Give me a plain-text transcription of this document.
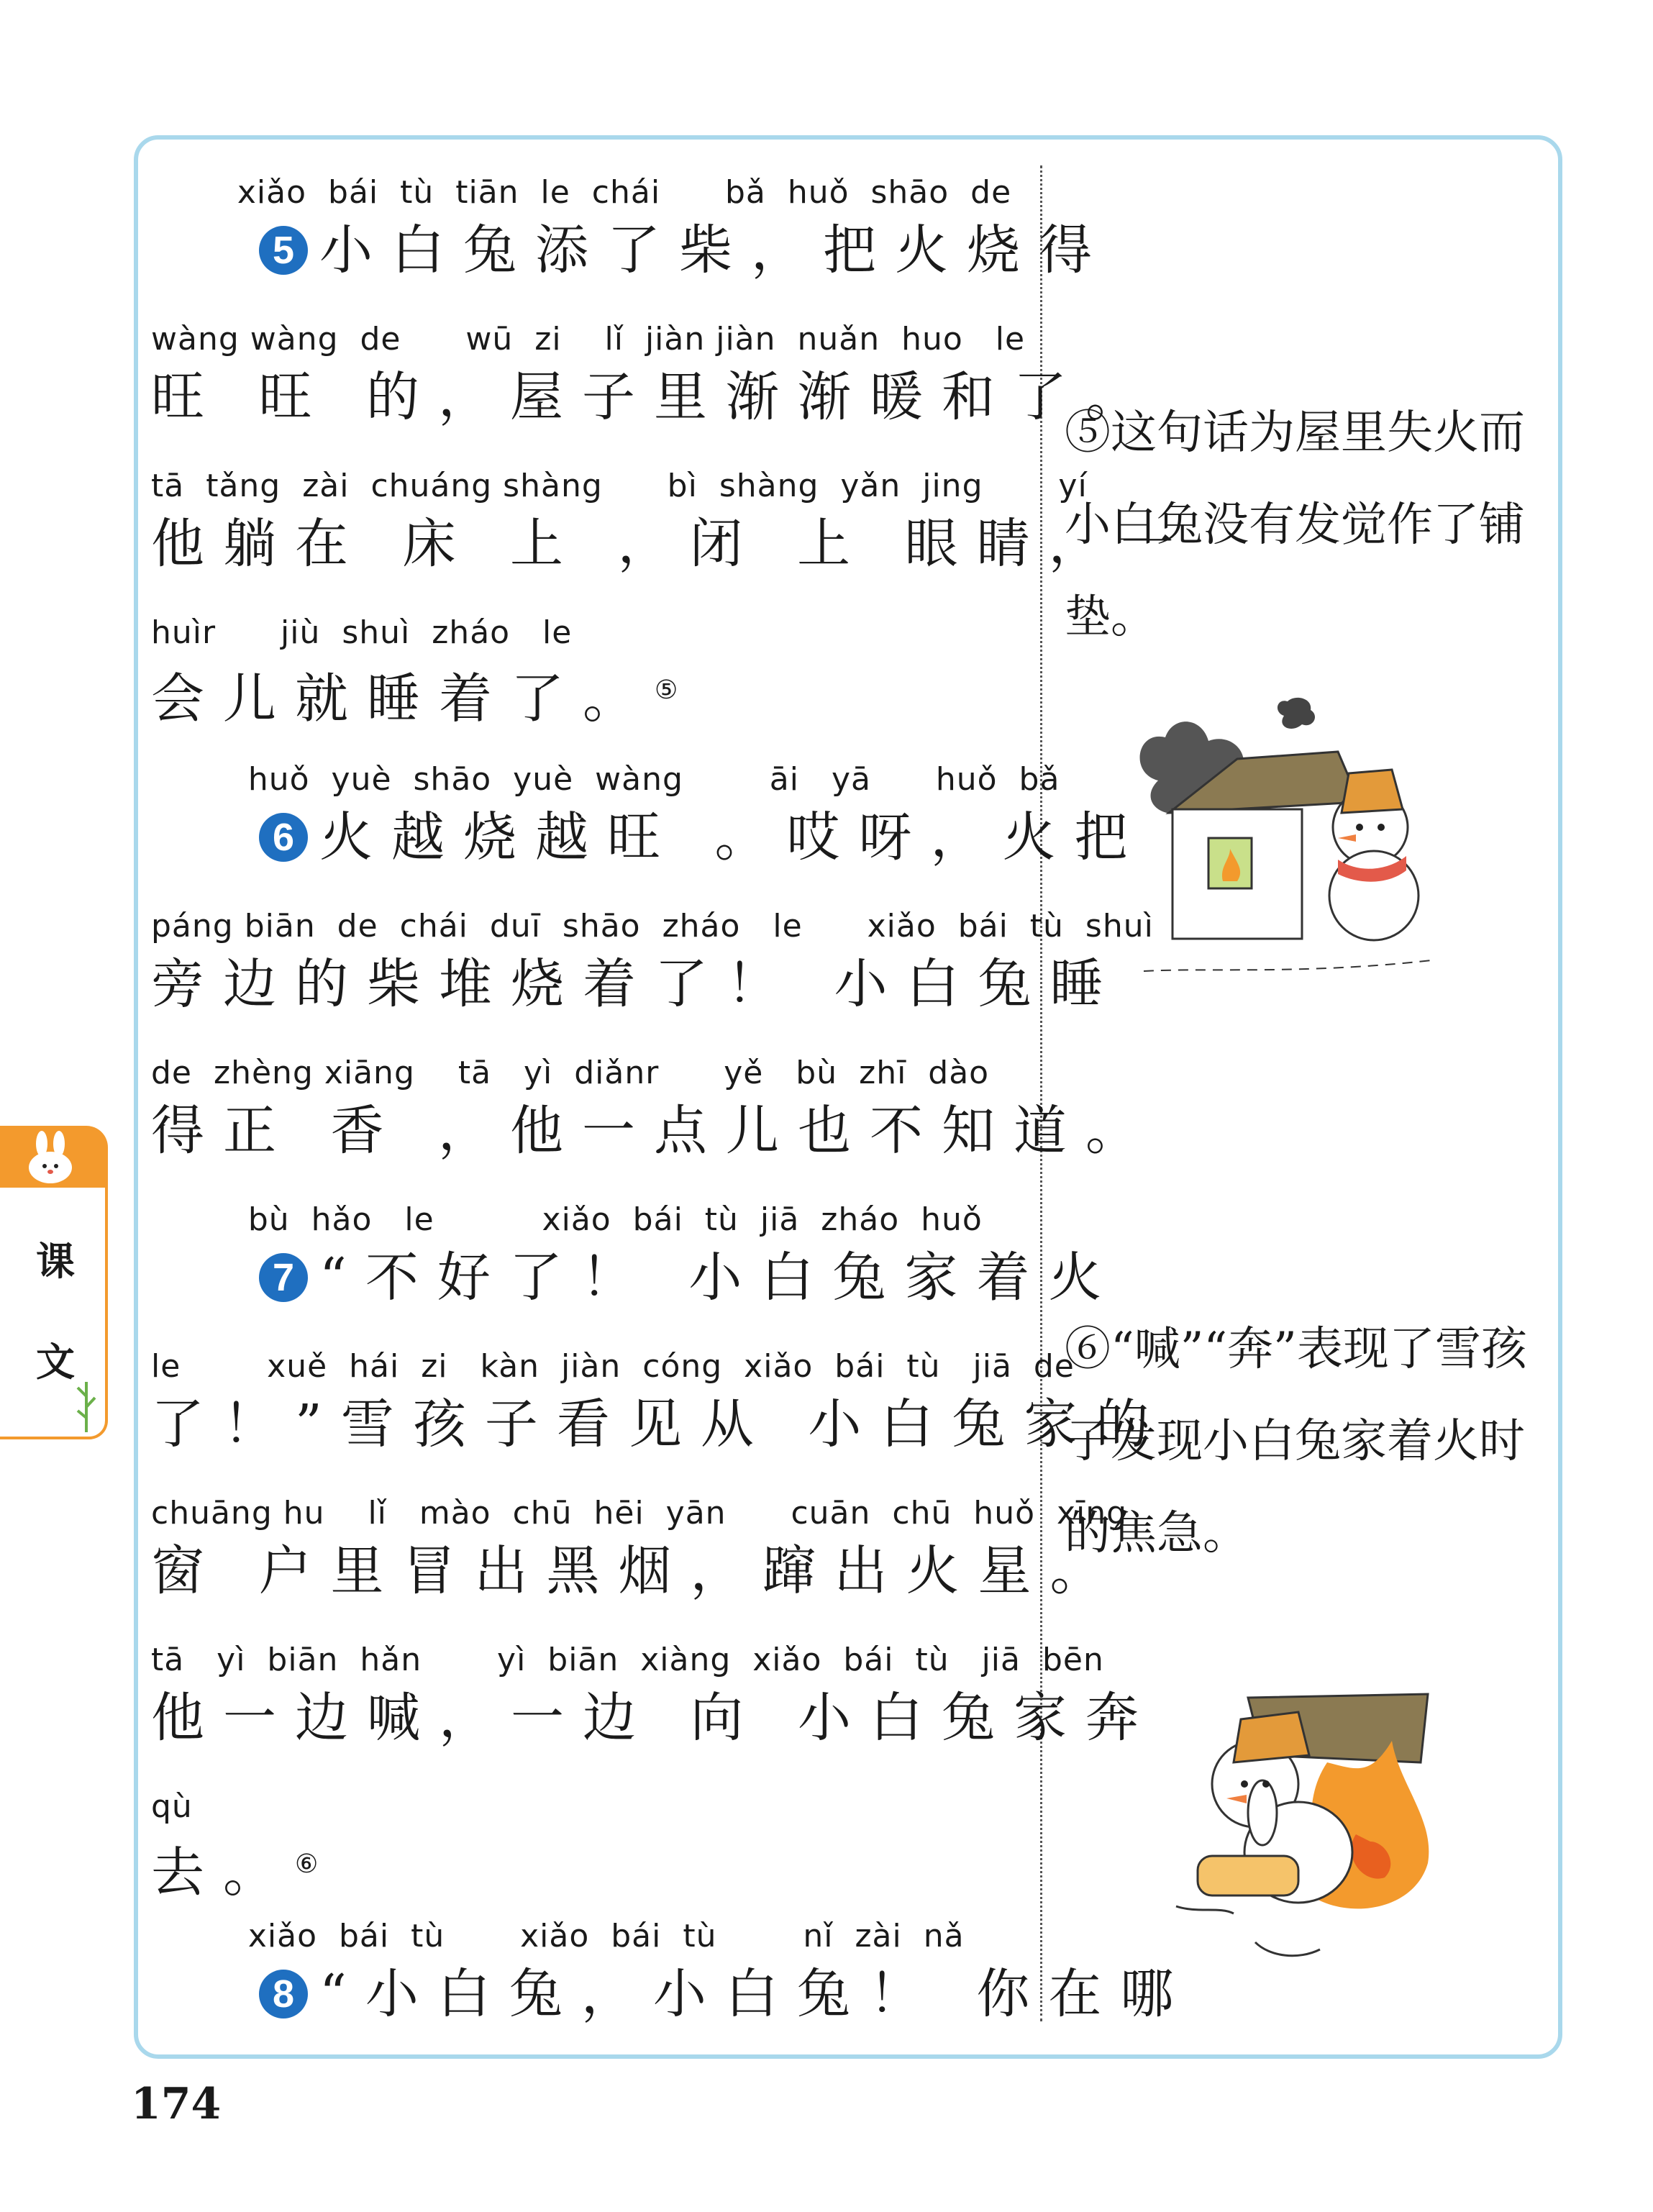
xiǎo  bái  tù  tiān  le  chái      bǎ  huǒ  shāo  de
5 小白兔添了柴，把火烧得
wàng wàng  de      wū  zi    lǐ  jiàn jiàn  nuǎn  huo   le
旺 旺 的，屋子里渐渐暖和了。
tā  tǎng  zài  chuáng shàng      bì  shàng  yǎn  jing       yí
他躺在 床 上 ，闭 上 眼睛，一
huìr      jiù  shuì  zháo   le
会儿就睡着了。⑤
huǒ  yuè  shāo  yuè  wàng        āi   yā      huǒ  bǎ
6 火越烧越旺 。哎呀，火把
páng biān  de  chái  duī  shāo  zháo   le      xiǎo  bái  tù  shuì
旁边的柴堆烧着了！ 小白兔睡
de  zhèng xiāng    tā   yì  diǎnr      yě   bù  zhī  dào
得正 香 ，他一点儿也不知道。
bù  hǎo   le          xiǎo  bái  tù  jiā  zháo  huǒ
7 “不好了！ 小白兔家着火
le        xuě  hái  zi   kàn  jiàn  cóng  xiǎo  bái  tù   jiā  de
了！”雪孩子看见从 小白兔家的
chuāng hu    lǐ   mào  chū  hēi  yān      cuān  chū  huǒ  xīng
窗 户里冒出黑烟，蹿出火星。
tā   yì  biān  hǎn       yì  biān  xiàng  xiǎo  bái  tù   jiā  bēn
他一边喊，一边 向 小白兔家奔
qù
去。⑥
xiǎo  bái  tù       xiǎo  bái  tù        nǐ  zài  nǎ
8 “小白兔，小白兔！ 你在哪
⑤这句话为屋里失火而小白兔没有发觉作了铺垫。
⑥“喊”“奔”表现了雪孩子发现小白兔家着火时的焦急。
课
文
174
